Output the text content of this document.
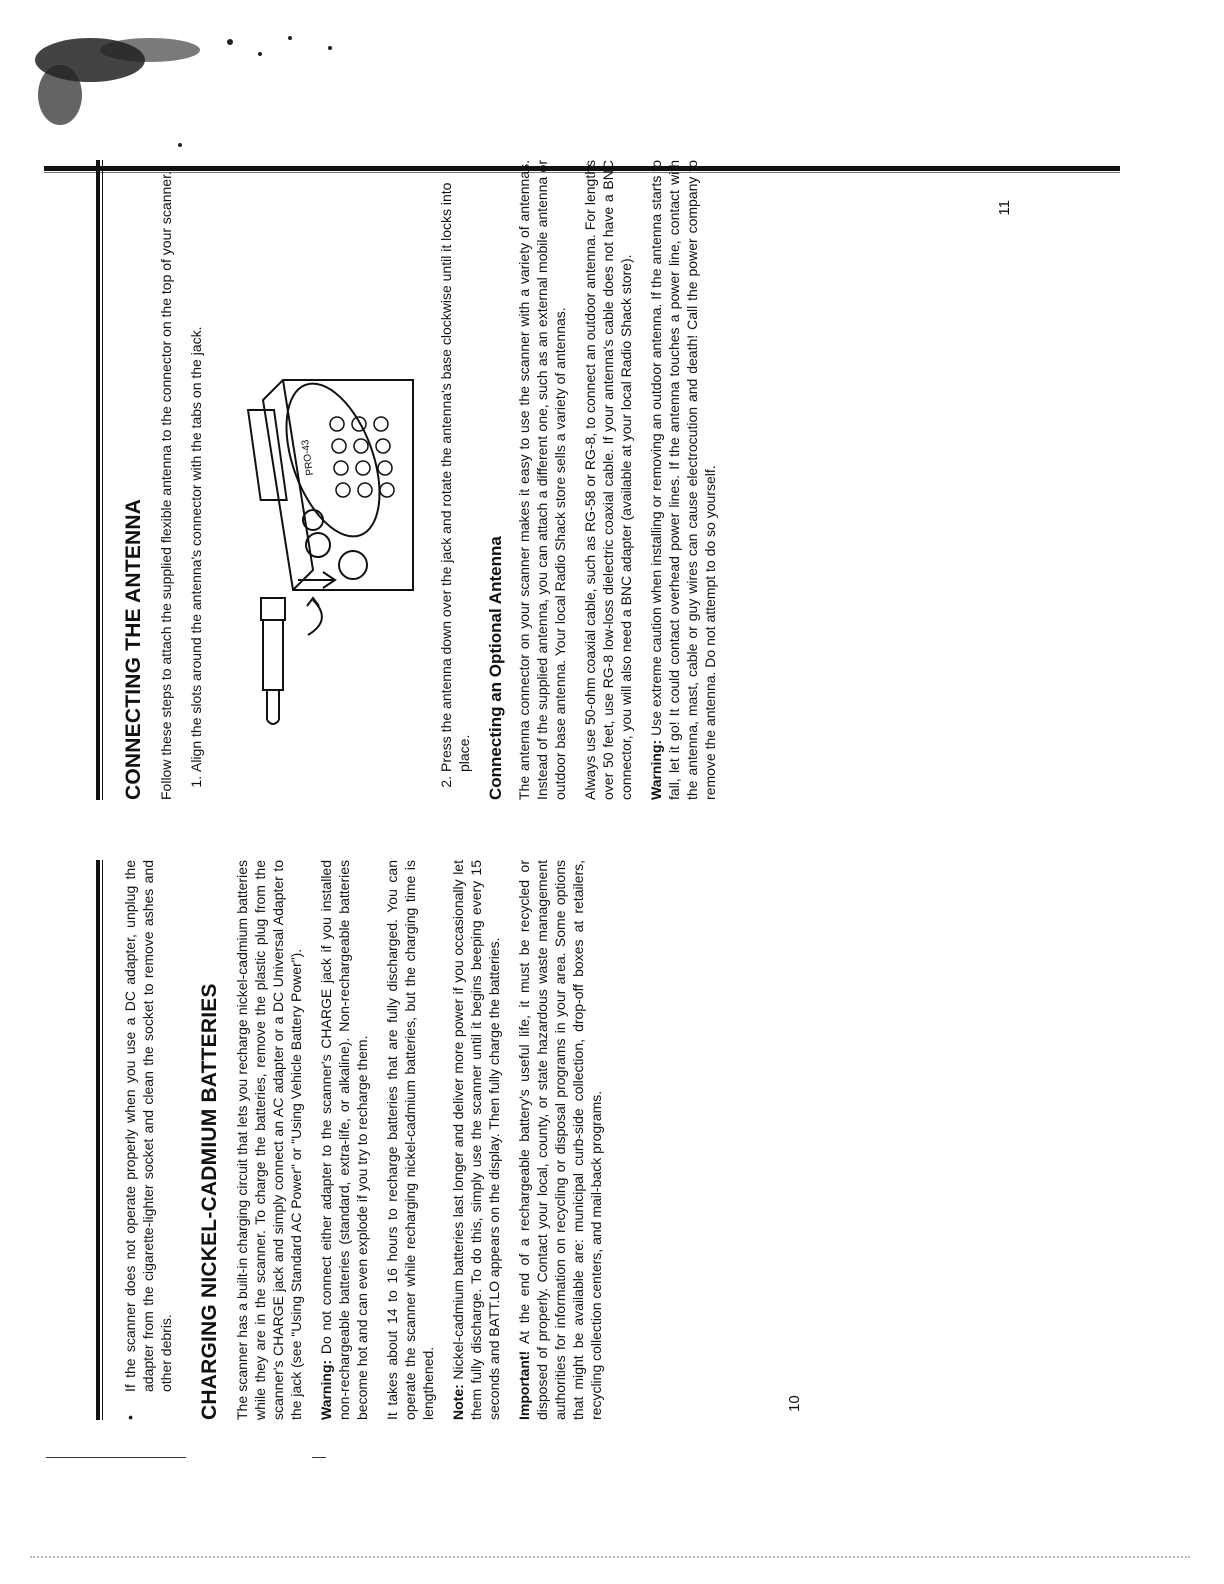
•
If the scanner does not operate properly when you use a DC adapter, unplug the adapter from the cigarette-lighter socket and clean the socket to remove ashes and other debris. CHARGING NICKEL-CADMIUM BATTERIES The scanner has a built-in charging circuit that lets you recharge nickel-cadmium batteries while they are in the scanner. To charge the batteries, remove the plastic plug from the scanner's CHARGE jack and simply connect an AC adapter or a DC Universal Adapter to the jack (see "Using Standard AC Power" or "Using Vehicle Battery Power"). Warning: Do not connect either adapter to the scanner's CHARGE jack if you installed non-rechargeable batteries (standard, extra-life, or alkaline). Non-rechargeable batteries become hot and can even explode if you try to recharge them. It takes about 14 to 16 hours to recharge batteries that are fully discharged. You can operate the scanner while recharging nickel-cadmium batteries, but the charging time is lengthened. Note: Nickel-cadmium batteries last longer and deliver more power if you occasionally let them fully discharge. To do this, simply use the scanner until it begins beeping every 15 seconds and BATT.LO appears on the display. Then fully charge the batteries. Important! At the end of a rechargeable battery's useful life, it must be recycled or disposed of properly. Contact your local, county, or state hazardous waste management authorities for information on recycling or disposal programs in your area. Some options that might be available are: municipal curb-side collection, drop-off boxes at retailers, recycling collection centers, and mail-back programs.	10
CONNECTING THE ANTENNA Follow these steps to attach the supplied flexible antenna to the connector on the top of your scanner. 1. Align the slots around the antenna's connector with the tabs on the jack.	PRO-43	2. Press the antenna down over the jack and rotate the antenna's base clockwise until it locks into place. Connecting an Optional Antenna The antenna connector on your scanner makes it easy to use the scanner with a variety of antennas. Instead of the supplied antenna, you can attach a different one, such as an external mobile antenna or outdoor base antenna. Your local Radio Shack store sells a variety of antennas. Always use 50-ohm coaxial cable, such as RG-58 or RG-8, to connect an outdoor antenna. For lengths over 50 feet, use RG-8 low-loss dielectric coaxial cable. If your antenna's cable does not have a BNC connector, you will also need a BNC adapter (available at your local Radio Shack store). Warning: Use extreme caution when installing or removing an outdoor antenna. If the antenna starts to fall, let it go! It could contact overhead power lines. If the antenna touches a power line, contact with the antenna, mast, cable or guy wires can cause electrocution and death! Call the power company to remove the antenna. Do not attempt to do so yourself.

11
